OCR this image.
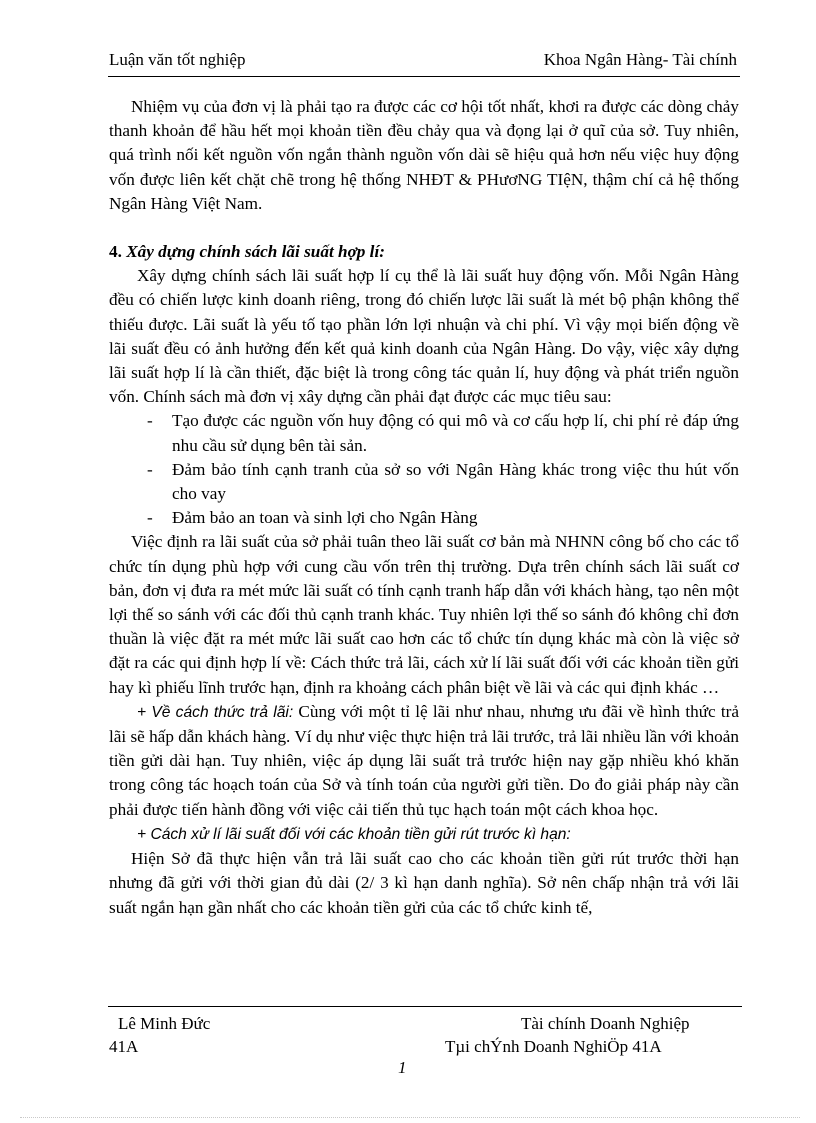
Luận văn tốt nghiệp	Khoa Ngân Hàng- Tài chính

Nhiệm vụ của đơn vị là phải tạo ra được các cơ hội tốt nhất, khơi ra được các dòng chảy thanh khoản để hầu hết mọi khoản tiền đều chảy qua và đọng lại ở quĩ của sở. Tuy nhiên, quá trình nối kết nguồn vốn ngắn thành nguồn vốn dài sẽ hiệu quả hơn nếu việc huy động vốn được liên kết chặt chẽ trong hệ thống NHĐT & PHươNG TIệN, thậm chí cả hệ thống Ngân Hàng Việt Nam.

4. Xây dựng chính sách lãi suất hợp lí:

Xây dựng chính sách lãi suất hợp lí cụ thể là lãi suất huy động vốn. Mỗi Ngân Hàng đều có chiến lược kinh doanh riêng, trong đó chiến lược lãi suất là mét bộ phận không thể thiếu được. Lãi suất là yếu tố tạo phần lớn lợi nhuận và chi phí. Vì vậy mọi biến động về lãi suất đều có ảnh hưởng đến kết quả kinh doanh của Ngân Hàng. Do vậy, việc xây dựng lãi suất hợp lí là cần thiết, đặc biệt là trong công tác quản lí, huy động và phát triển nguồn vốn. Chính sách mà đơn vị xây dựng cần phải đạt được các mục tiêu sau:

-	Tạo được các nguồn vốn huy động có qui mô và cơ cấu hợp lí, chi phí rẻ đáp ứng nhu cầu sử dụng bên tài sản.
-	Đảm bảo tính cạnh tranh của sở so với Ngân Hàng khác trong việc thu hút vốn cho vay
-	Đảm bảo an toan và sinh lợi cho Ngân Hàng

Việc định ra lãi suất của sở phải tuân theo lãi suất cơ bản mà NHNN công bố cho các tổ chức tín dụng phù hợp với cung cầu vốn trên thị trường. Dựa trên chính sách lãi suất cơ bản, đơn vị đưa ra mét mức lãi suất có tính cạnh tranh hấp dẫn với khách hàng, tạo nên một lợi thế so sánh với các đối thủ cạnh tranh khác. Tuy nhiên lợi thế so sánh đó không chỉ đơn thuần là việc đặt ra mét mức lãi suất cao hơn các tổ chức tín dụng khác mà còn là việc sở đặt ra các qui định hợp lí về: Cách thức trả lãi, cách xử lí lãi suất đối với các khoản tiền gửi hay kì phiếu lĩnh trước hạn, định ra khoảng cách phân biệt về lãi và các qui định khác …

+ Về cách thức trả lãi: Cùng với một tỉ lệ lãi như nhau, nhưng ưu đãi về hình thức trả lãi sẽ hấp dẫn khách hàng. Ví dụ như việc thực hiện trả lãi trước, trả lãi nhiều lần với khoản tiền gửi dài hạn. Tuy nhiên, việc áp dụng lãi suất trả trước hiện nay gặp nhiều khó khăn trong công tác hoạch toán của Sở và tính toán của người gửi tiền. Do đo giải pháp này cần phải được tiến hành đồng với việc cải tiến thủ tục hạch toán một cách khoa học.

+ Cách xử lí lãi suất đối với các khoản tiền gửi rút trước kì hạn:

Hiện Sở đã thực hiện vẫn trả lãi suất cao cho các khoản tiền gửi rút trước thời hạn nhưng đã gửi với thời gian đủ dài (2/ 3 kì hạn danh nghĩa). Sở nên chấp nhận trả với lãi suất ngắn hạn gần nhất cho các khoản tiền gửi của các tổ chức kinh tế,

Lê Minh Đức	Tài chính Doanh Nghiệp
41A	Tµi chÝnh Doanh NghiÖp 41A
1
